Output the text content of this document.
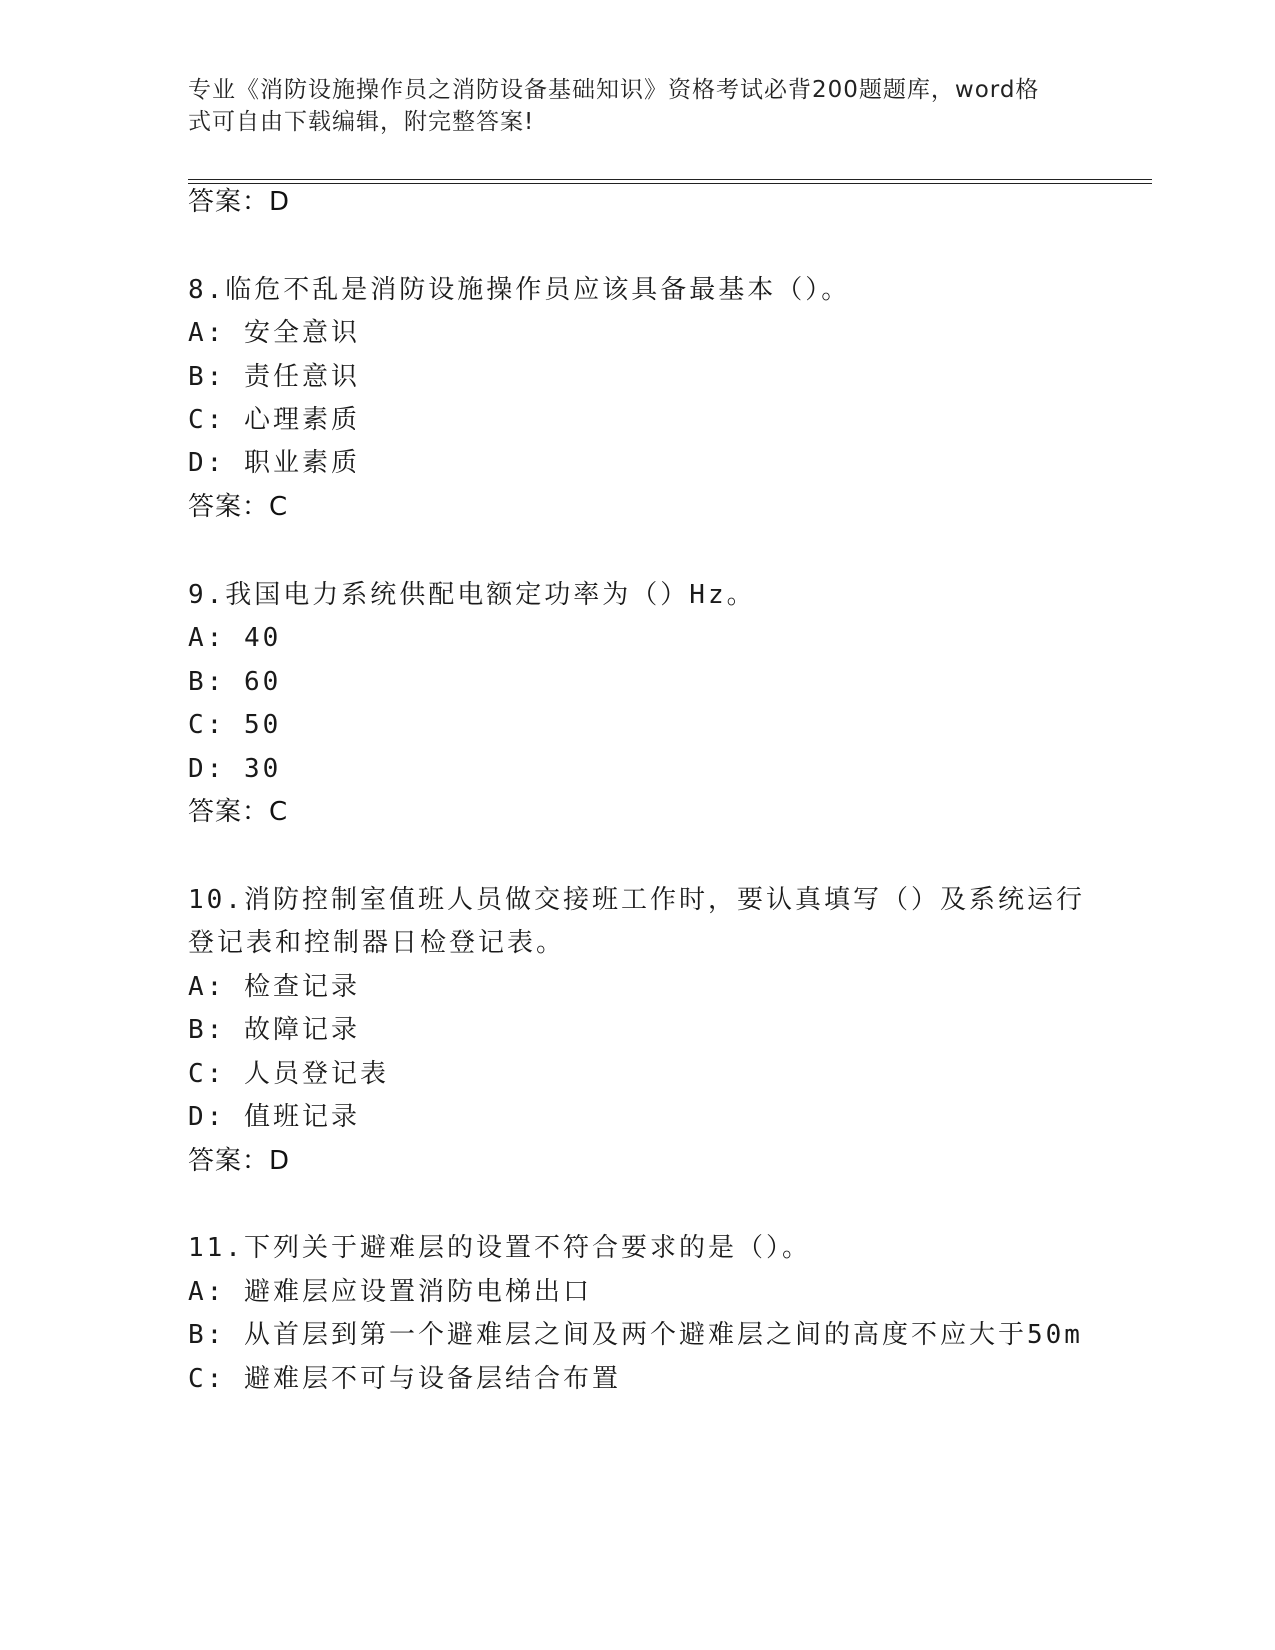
专业《消防设施操作员之消防设备基础知识》资格考试必背200题题库，word格
式可自由下载编辑，附完整答案!
答案：D
8.临危不乱是消防设施操作员应该具备最基本（）。
A: 安全意识
B: 责任意识
C: 心理素质
D: 职业素质
答案：C
9.我国电力系统供配电额定功率为（）Hz。
A: 40
B: 60
C: 50
D: 30
答案：C
10.消防控制室值班人员做交接班工作时，要认真填写（）及系统运行
登记表和控制器日检登记表。
A: 检查记录
B: 故障记录
C: 人员登记表
D: 值班记录
答案：D
11.下列关于避难层的设置不符合要求的是（）。
A: 避难层应设置消防电梯出口
B: 从首层到第一个避难层之间及两个避难层之间的高度不应大于50m
C: 避难层不可与设备层结合布置
